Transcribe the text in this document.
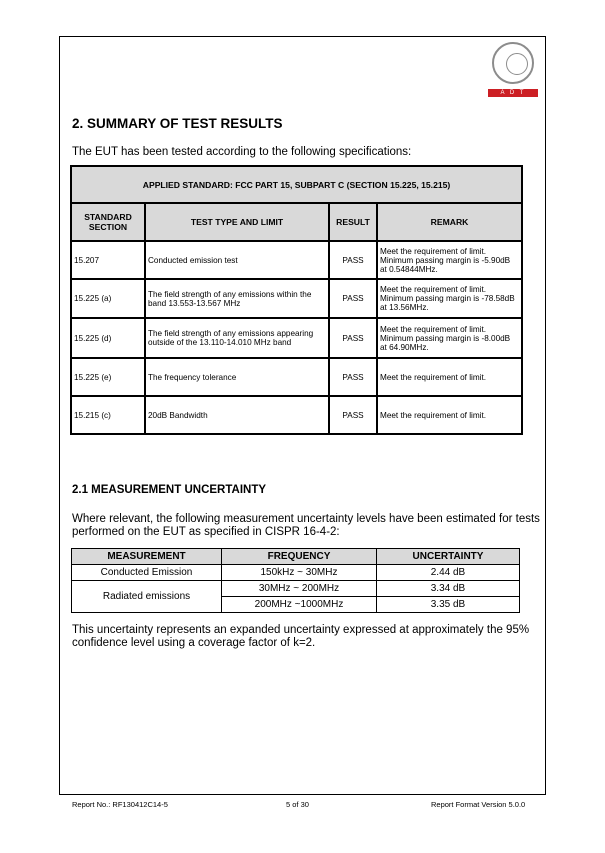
A D T
2. SUMMARY OF TEST RESULTS
The EUT has been tested according to the following specifications:
APPLIED STANDARD: FCC PART 15, SUBPART C (SECTION 15.225, 15.215)			
STANDARD SECTION	TEST TYPE AND LIMIT	RESULT	REMARK
15.207	Conducted emission test	PASS	Meet the requirement of limit. Minimum passing margin is -5.90dB at 0.54844MHz.
15.225 (a)	The field strength of any emissions within the band 13.553-13.567 MHz	PASS	Meet the requirement of limit. Minimum passing margin is -78.58dB at 13.56MHz.
15.225 (d)	The field strength of any emissions appearing outside of the 13.110-14.010 MHz band	PASS	Meet the requirement of limit. Minimum passing margin is -8.00dB at 64.90MHz.
15.225 (e)	The frequency tolerance	PASS	Meet the requirement of limit.
15.215 (c)	20dB Bandwidth	PASS	Meet the requirement of limit.
2.1 MEASUREMENT UNCERTAINTY
Where relevant, the following measurement uncertainty levels have been estimated for tests performed on the EUT as specified in CISPR 16-4-2:
MEASUREMENT	FREQUENCY	UNCERTAINTY
Conducted Emission	150kHz ~ 30MHz	2.44 dB
Radiated emissions	30MHz ~ 200MHz	3.34 dB
	200MHz ~1000MHz	3.35 dB
This uncertainty represents an expanded uncertainty expressed at approximately the 95% confidence level using a coverage factor of k=2.
Report No.: RF130412C14-5	5 of 30	Report Format Version 5.0.0
